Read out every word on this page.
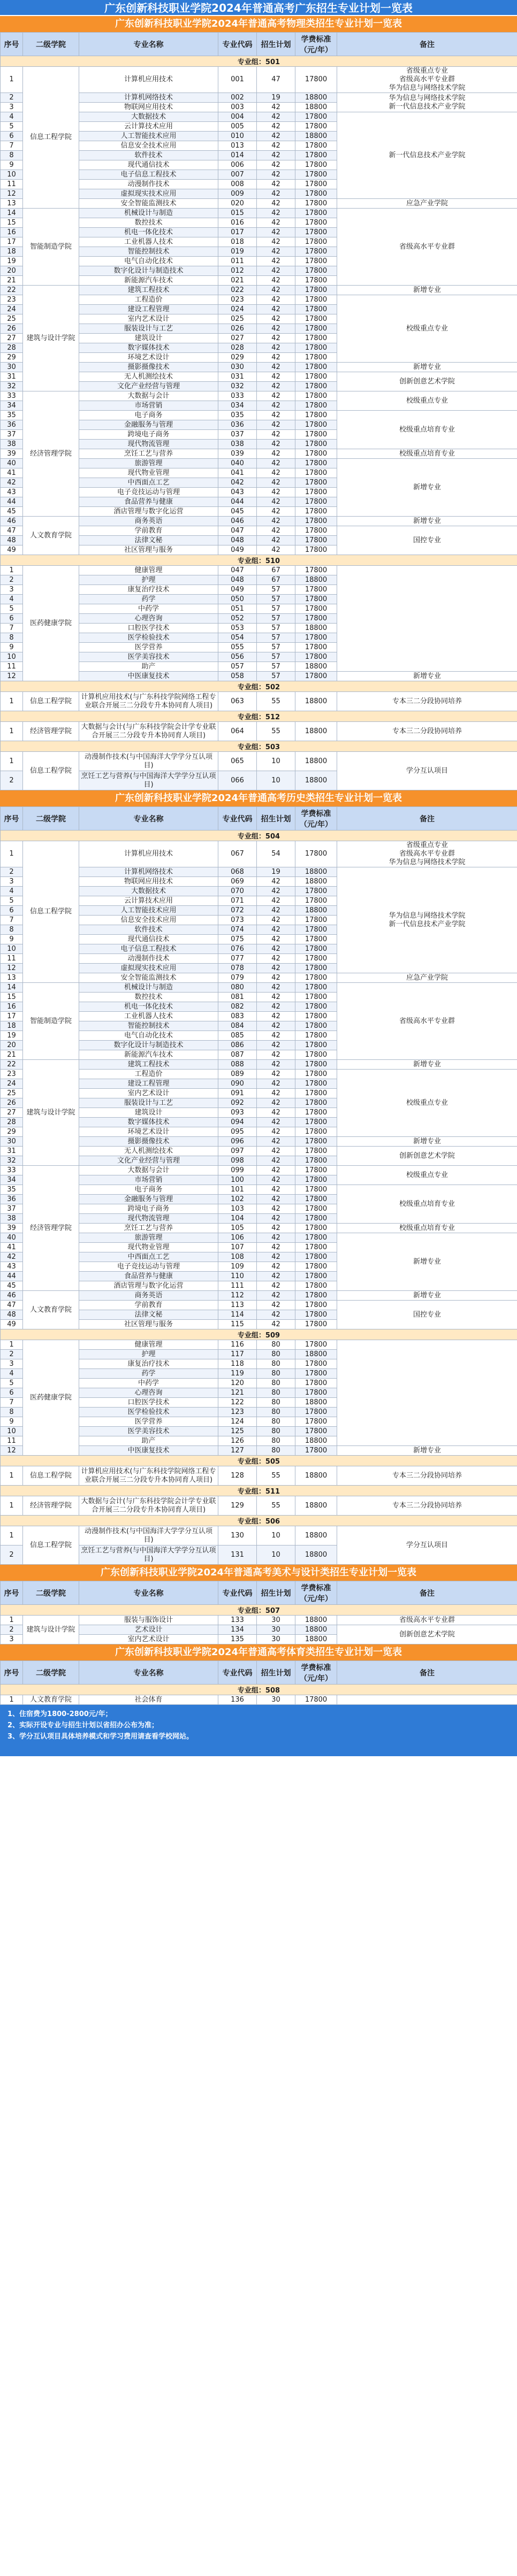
广东创新科技职业学院2024年普通高考广东招生专业计划一览表
广东创新科技职业学院2024年普通高考物理类招生专业计划一览表
序号	二级学院	专业名称	专业代码	招生计划	学费标准（元/年）	备注
专业组：501						
1	信息工程学院	计算机应用技术	001	47	17800	省级重点专业
省级高水平专业群
华为信息与网络技术学院
2		计算机网络技术	002	19	18800	华为信息与网络技术学院
新一代信息技术产业学院
3		物联网应用技术	003	42	18800	
4		大数据技术	004	42	17800	新一代信息技术产业学院
5		云计算技术应用	005	42	17800	
6		人工智能技术应用	010	42	18800	
7		信息安全技术应用	013	42	17800	
8		软件技术	014	42	17800	
9		现代通信技术	006	42	17800	
10		电子信息工程技术	007	42	17800	
11		动漫制作技术	008	42	17800	
12		虚拟现实技术应用	009	42	17800	
13		安全智能监测技术	020	42	17800	应急产业学院
14	智能制造学院	机械设计与制造	015	42	17800	省级高水平专业群
15		数控技术	016	42	17800	
16		机电一体化技术	017	42	17800	
17		工业机器人技术	018	42	17800	
18		智能控制技术	019	42	17800	
19		电气自动化技术	011	42	17800	
20		数字化设计与制造技术	012	42	17800	
21		新能源汽车技术	021	42	17800	
22	建筑与设计学院	建筑工程技术	022	42	17800	新增专业
23		工程造价	023	42	17800	校级重点专业
24		建设工程管理	024	42	17800	
25		室内艺术设计	025	42	17800	
26		服装设计与工艺	026	42	17800	
27		建筑设计	027	42	17800	
28		数字媒体技术	028	42	17800	
29		环境艺术设计	029	42	17800	
30		摄影摄像技术	030	42	17800	新增专业
31		无人机测绘技术	031	42	17800	创新创意艺术学院
32		文化产业经营与管理	032	42	17800	
33	经济管理学院	大数据与会计	033	42	17800	校级重点专业
34		市场营销	034	42	17800	
35		电子商务	035	42	17800	校级重点培育专业
36		金融服务与管理	036	42	17800	
37		跨境电子商务	037	42	17800	
38		现代物流管理	038	42	17800	
39		烹饪工艺与营养	039	42	17800	校级重点培育专业
40		旅游管理	040	42	17800	新增专业
41		现代物业管理	041	42	17800	
42		中西面点工艺	042	42	17800	
43		电子竞技运动与管理	043	42	17800	
44		食品营养与健康	044	42	17800	
45		酒店管理与数字化运营	045	42	17800	
46	人文教育学院	商务英语	046	42	17800	新增专业
47		学前教育	047	42	17800	国控专业
48		法律文秘	048	42	17800	
49		社区管理与服务	049	42	17800	
专业组：510						
1	医药健康学院	健康管理	047	67	17800	
2		护理	048	67	18800	
3		康复治疗技术	049	57	17800	
4		药学	050	57	17800	
5		中药学	051	57	17800	
6		心理咨询	052	57	17800	
7		口腔医学技术	053	57	18800	
8		医学检验技术	054	57	17800	
9		医学营养	055	57	17800	
10		医学美容技术	056	57	17800	
11		助产	057	57	18800	
12		中医康复技术	058	57	17800	新增专业
专业组：502						
1	信息工程学院	计算机应用技术(与广东科技学院网络工程专业联合开展三二分段专升本协同育人项目)	063	55	18800	专本三二分段协同培养
专业组：512						
1	经济管理学院	大数据与会计(与广东科技学院会计学专业联合开展三二分段专升本协同育人项目)	064	55	18800	专本三二分段协同培养
专业组：503						
1	信息工程学院	动漫制作技术(与中国海洋大学学分互认项目)	065	10	18800	学分互认项目
2		烹饪工艺与营养(与中国海洋大学学分互认项目)	066	10	18800	
广东创新科技职业学院2024年普通高考历史类招生专业计划一览表
序号	二级学院	专业名称	专业代码	招生计划	学费标准（元/年）	备注
专业组：504						
1	信息工程学院	计算机应用技术	067	54	17800	省级重点专业
省级高水平专业群
华为信息与网络技术学院
2		计算机网络技术	068	19	18800	华为信息与网络技术学院
新一代信息技术产业学院
3		物联网应用技术	069	42	18800	
4		大数据技术	070	42	17800	
5		云计算技术应用	071	42	17800	
6		人工智能技术应用	072	42	18800	
7		信息安全技术应用	073	42	17800	
8		软件技术	074	42	17800	
9		现代通信技术	075	42	17800	
10		电子信息工程技术	076	42	17800	
11		动漫制作技术	077	42	17800	
12		虚拟现实技术应用	078	42	17800	
13		安全智能监测技术	079	42	17800	应急产业学院
14	智能制造学院	机械设计与制造	080	42	17800	省级高水平专业群
15		数控技术	081	42	17800	
16		机电一体化技术	082	42	17800	
17		工业机器人技术	083	42	17800	
18		智能控制技术	084	42	17800	
19		电气自动化技术	085	42	17800	
20		数字化设计与制造技术	086	42	17800	
21		新能源汽车技术	087	42	17800	
22	建筑与设计学院	建筑工程技术	088	42	17800	新增专业
23		工程造价	089	42	17800	校级重点专业
24		建设工程管理	090	42	17800	
25		室内艺术设计	091	42	17800	
26		服装设计与工艺	092	42	17800	
27		建筑设计	093	42	17800	
28		数字媒体技术	094	42	17800	
29		环境艺术设计	095	42	17800	
30		摄影摄像技术	096	42	17800	新增专业
31		无人机测绘技术	097	42	17800	创新创意艺术学院
32		文化产业经营与管理	098	42	17800	
33	经济管理学院	大数据与会计	099	42	17800	校级重点专业
34		市场营销	100	42	17800	
35		电子商务	101	42	17800	校级重点培育专业
36		金融服务与管理	102	42	17800	
37		跨境电子商务	103	42	17800	
38		现代物流管理	104	42	17800	
39		烹饪工艺与营养	105	42	17800	校级重点培育专业
40		旅游管理	106	42	17800	新增专业
41		现代物业管理	107	42	17800	
42		中西面点工艺	108	42	17800	
43		电子竞技运动与管理	109	42	17800	
44		食品营养与健康	110	42	17800	
45		酒店管理与数字化运营	111	42	17800	
46	人文教育学院	商务英语	112	42	17800	新增专业
47		学前教育	113	42	17800	国控专业
48		法律文秘	114	42	17800	
49		社区管理与服务	115	42	17800	
专业组：509						
1	医药健康学院	健康管理	116	80	17800	
2		护理	117	80	18800	
3		康复治疗技术	118	80	17800	
4		药学	119	80	17800	
5		中药学	120	80	17800	
6		心理咨询	121	80	17800	
7		口腔医学技术	122	80	18800	
8		医学检验技术	123	80	17800	
9		医学营养	124	80	17800	
10		医学美容技术	125	80	17800	
11		助产	126	80	18800	
12		中医康复技术	127	80	17800	新增专业
专业组：505						
1	信息工程学院	计算机应用技术(与广东科技学院网络工程专业联合开展三二分段专升本协同育人项目)	128	55	18800	专本三二分段协同培养
专业组：511						
1	经济管理学院	大数据与会计(与广东科技学院会计学专业联合开展三二分段专升本协同育人项目)	129	55	18800	专本三二分段协同培养
专业组：506						
1	信息工程学院	动漫制作技术(与中国海洋大学学分互认项目)	130	10	18800	学分互认项目
2		烹饪工艺与营养(与中国海洋大学学分互认项目)	131	10	18800	
广东创新科技职业学院2024年普通高考美术与设计类招生专业计划一览表
序号	二级学院	专业名称	专业代码	招生计划	学费标准（元/年）	备注
专业组：507						
1	建筑与设计学院	服装与服饰设计	133	30	18800	省级高水平专业群
2		艺术设计	134	30	18800	创新创意艺术学院
3		室内艺术设计	135	30	18800	
广东创新科技职业学院2024年普通高考体育类招生专业计划一览表
序号	二级学院	专业名称	专业代码	招生计划	学费标准（元/年）	备注
专业组：508						
1	人文教育学院	社会体育	136	30	17800	
1、住宿费为1800-2800元/年；
2、实际开设专业与招生计划以省招办公布为准；
3、学分互认项目具体培养模式和学习费用请查看学校网站。
